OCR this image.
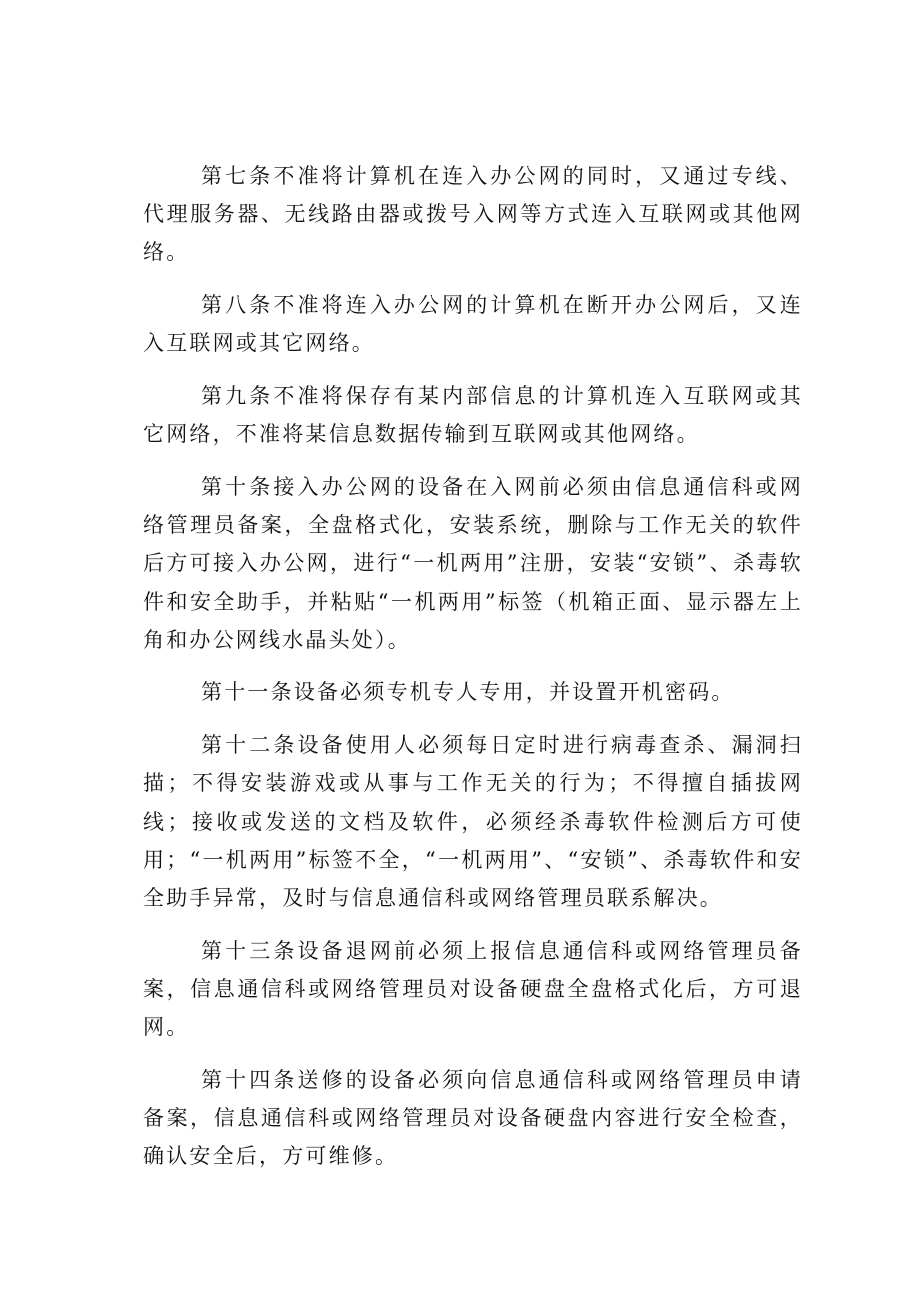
第七条不准将计算机在连入办公网的同时，又通过专线、代理服务器、无线路由器或拨号入网等方式连入互联网或其他网络。

第八条不准将连入办公网的计算机在断开办公网后，又连入互联网或其它网络。

第九条不准将保存有某内部信息的计算机连入互联网或其它网络，不准将某信息数据传输到互联网或其他网络。

第十条接入办公网的设备在入网前必须由信息通信科或网络管理员备案，全盘格式化，安装系统，删除与工作无关的软件后方可接入办公网，进行“一机两用”注册，安装“安锁”、杀毒软件和安全助手，并粘贴“一机两用”标签（机箱正面、显示器左上角和办公网线水晶头处）。

第十一条设备必须专机专人专用，并设置开机密码。

第十二条设备使用人必须每日定时进行病毒查杀、漏洞扫描；不得安装游戏或从事与工作无关的行为；不得擅自插拔网线；接收或发送的文档及软件，必须经杀毒软件检测后方可使用；“一机两用”标签不全，“一机两用”、“安锁”、杀毒软件和安全助手异常，及时与信息通信科或网络管理员联系解决。

第十三条设备退网前必须上报信息通信科或网络管理员备案，信息通信科或网络管理员对设备硬盘全盘格式化后，方可退网。

第十四条送修的设备必须向信息通信科或网络管理员申请备案，信息通信科或网络管理员对设备硬盘内容进行安全检查，确认安全后，方可维修。
